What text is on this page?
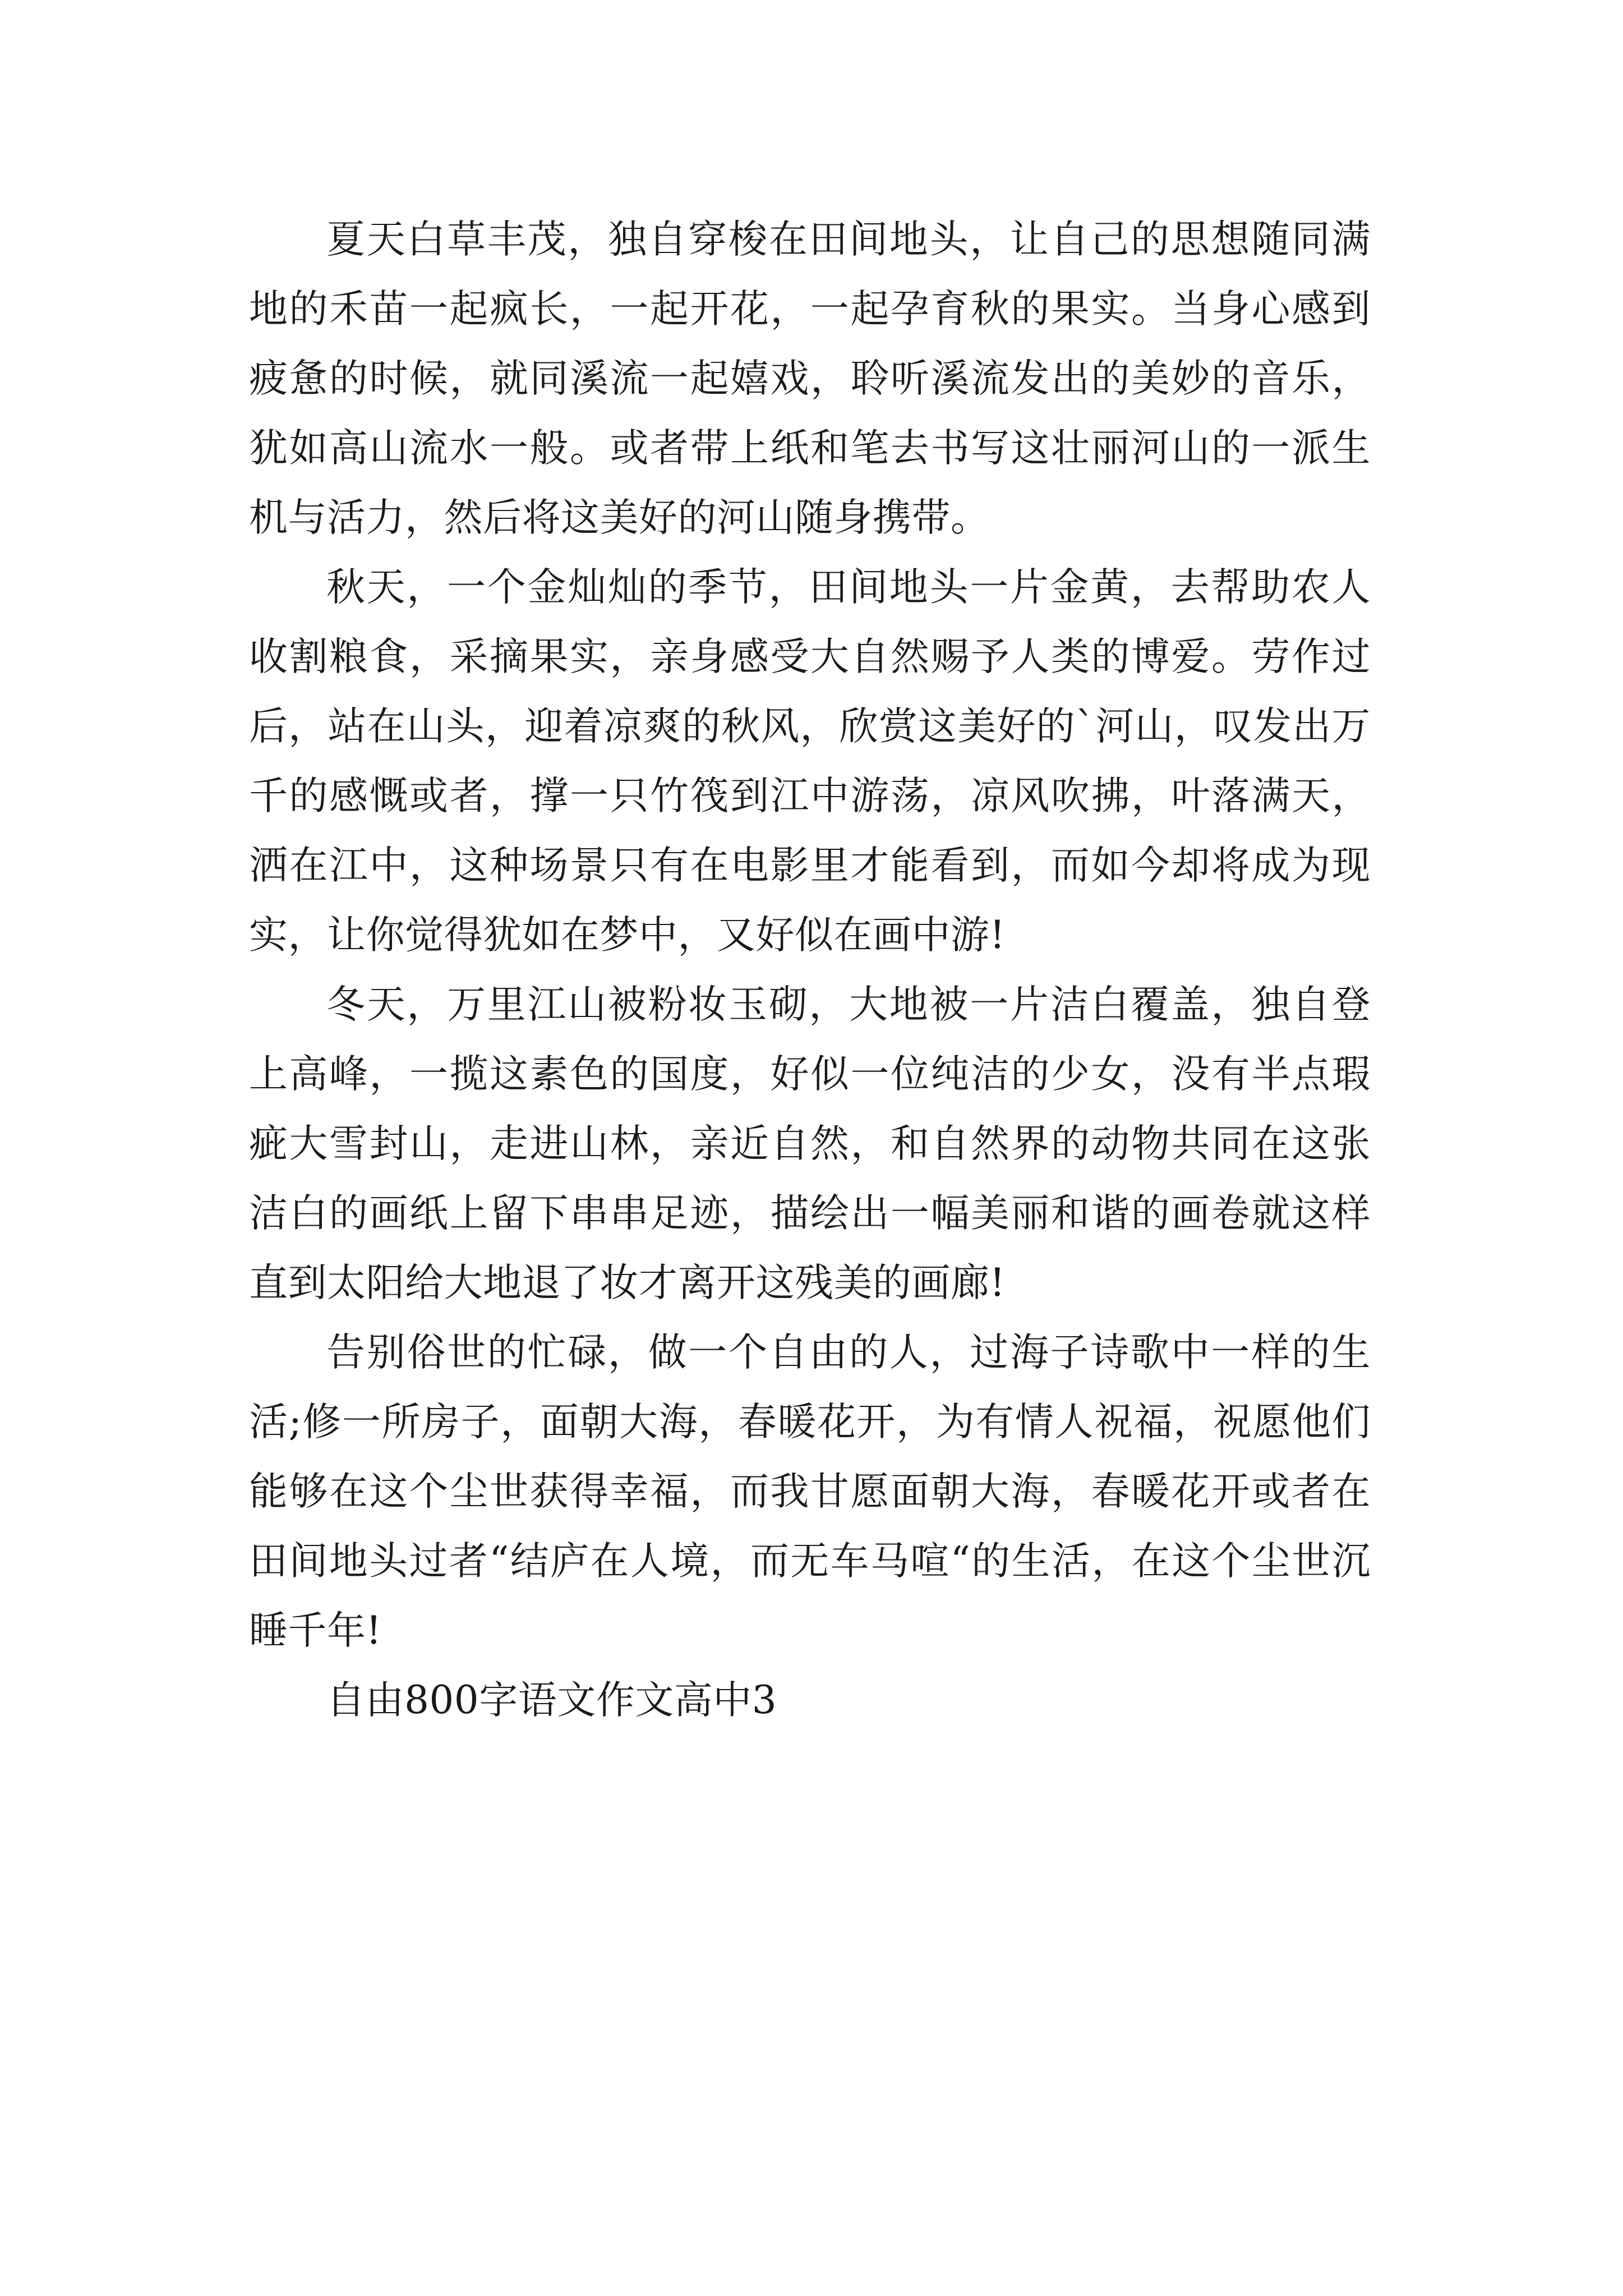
夏天白草丰茂，独自穿梭在田间地头，让自己的思想随同满地的禾苗一起疯长，一起开花，一起孕育秋的果实。当身心感到疲惫的时候，就同溪流一起嬉戏，聆听溪流发出的美妙的音乐，犹如高山流水一般。或者带上纸和笔去书写这壮丽河山的一派生机与活力，然后将这美好的河山随身携带。

秋天，一个金灿灿的季节，田间地头一片金黄，去帮助农人收割粮食，采摘果实，亲身感受大自然赐予人类的博爱。劳作过后，站在山头，迎着凉爽的秋风，欣赏这美好的`河山，叹发出万千的感慨或者，撑一只竹筏到江中游荡，凉风吹拂，叶落满天，洒在江中，这种场景只有在电影里才能看到，而如今却将成为现实，让你觉得犹如在梦中，又好似在画中游!

冬天，万里江山被粉妆玉砌，大地被一片洁白覆盖，独自登上高峰，一揽这素色的国度，好似一位纯洁的少女，没有半点瑕疵大雪封山，走进山林，亲近自然，和自然界的动物共同在这张洁白的画纸上留下串串足迹，描绘出一幅美丽和谐的画卷就这样直到太阳给大地退了妆才离开这残美的画廊!

告别俗世的忙碌，做一个自由的人，过海子诗歌中一样的生活;修一所房子，面朝大海，春暖花开，为有情人祝福，祝愿他们能够在这个尘世获得幸福，而我甘愿面朝大海，春暖花开或者在田间地头过者“结庐在人境，而无车马喧“的生活，在这个尘世沉睡千年!

自由800字语文作文高中3
